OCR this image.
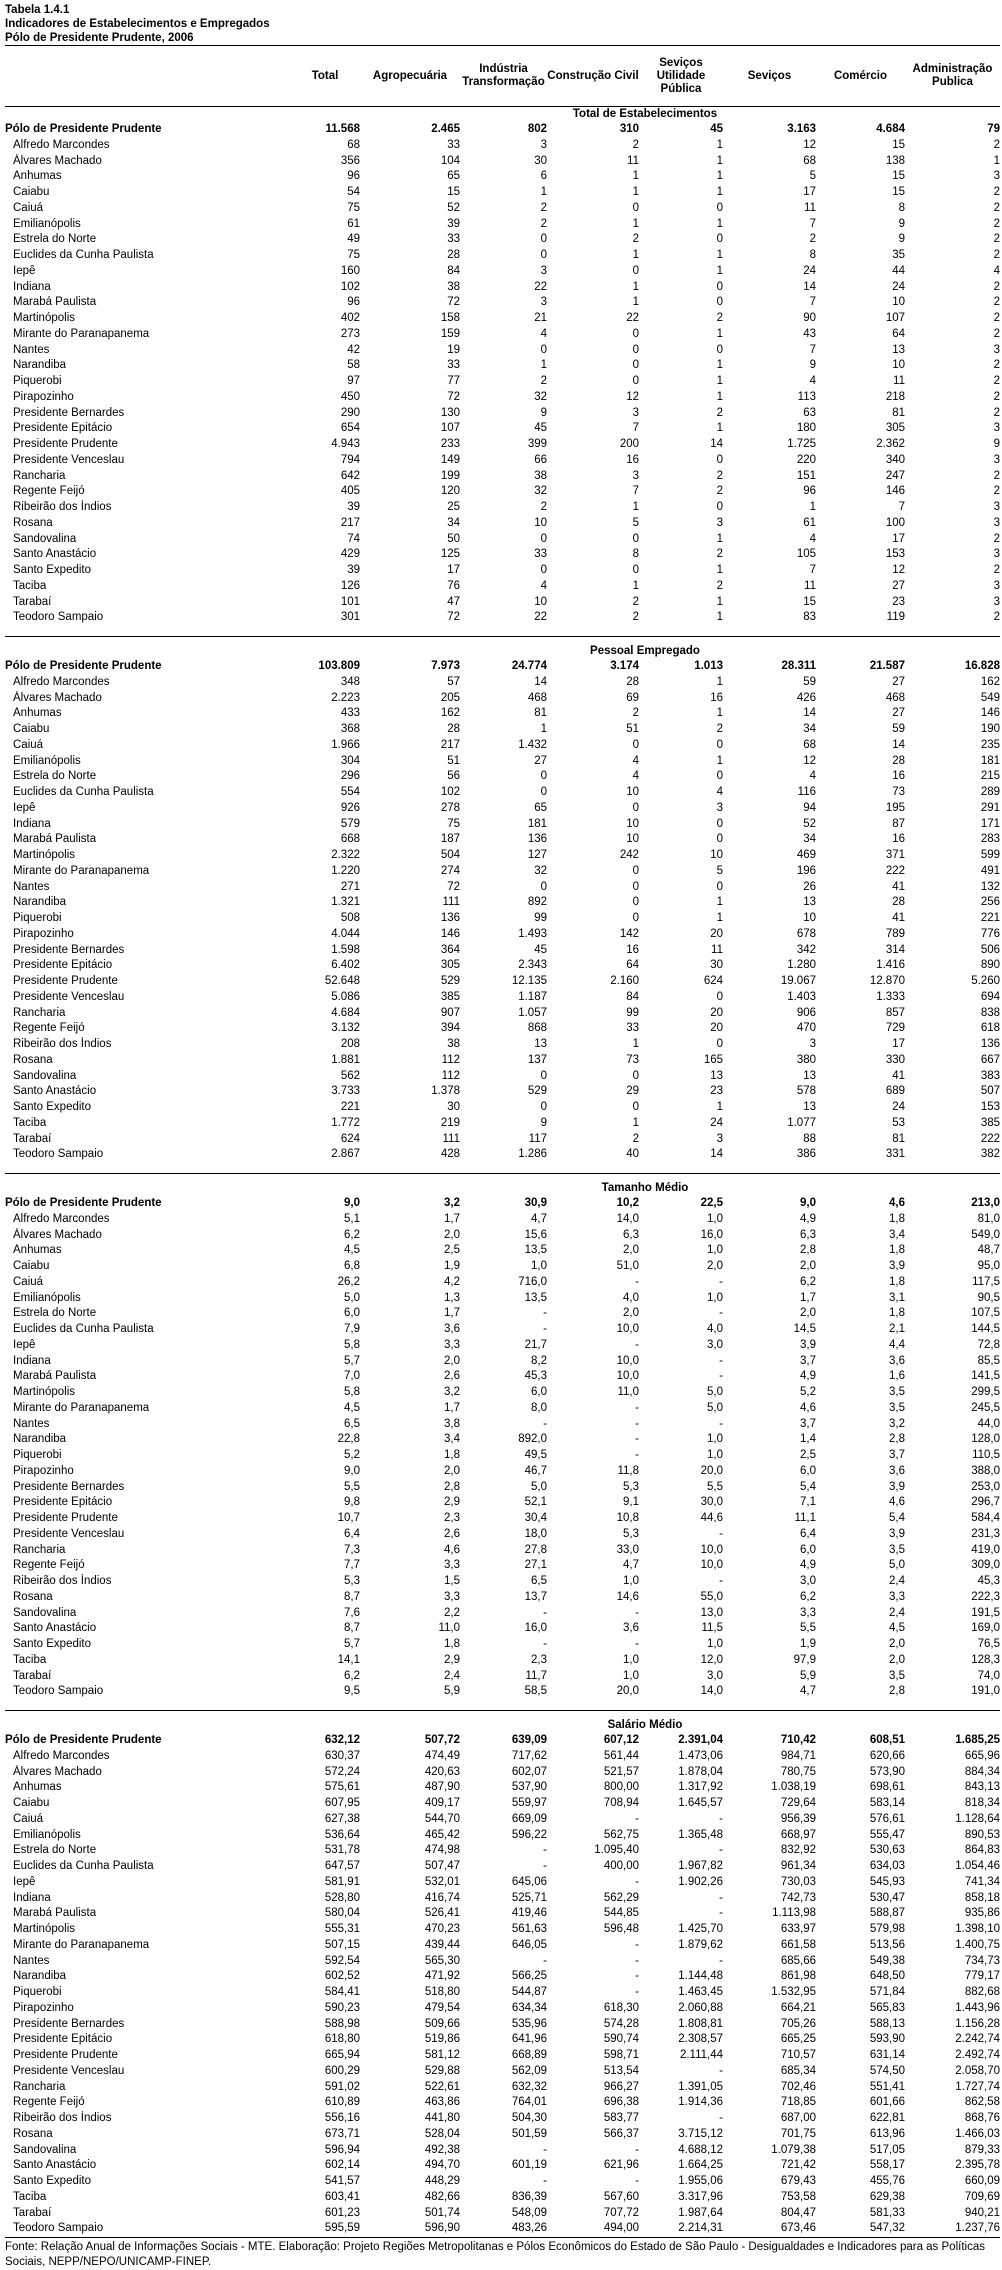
Tabela 1.4.1
Indicadores de Estabelecimentos e Empregados
Pólo de Presidente Prudente, 2006
	Total	Agropecuária	Indústria Transformação	Construção Civil	Seviços Utilidade Pública	Seviços	Comércio	Administração Publica
	Total de Estabelecimentos							
Pólo de Presidente Prudente	11.568	2.465	802	310	45	3.163	4.684	79
Alfredo Marcondes	68	33	3	2	1	12	15	2
Álvares Machado	356	104	30	11	1	68	138	1
Anhumas	96	65	6	1	1	5	15	3
Caiabu	54	15	1	1	1	17	15	2
Caiuá	75	52	2	0	0	11	8	2
Emilianópolis	61	39	2	1	1	7	9	2
Estrela do Norte	49	33	0	2	0	2	9	2
Euclides da Cunha Paulista	75	28	0	1	1	8	35	2
Iepê	160	84	3	0	1	24	44	4
Indiana	102	38	22	1	0	14	24	2
Marabá Paulista	96	72	3	1	0	7	10	2
Martinópolis	402	158	21	22	2	90	107	2
Mirante do Paranapanema	273	159	4	0	1	43	64	2
Nantes	42	19	0	0	0	7	13	3
Narandiba	58	33	1	0	1	9	10	2
Piquerobi	97	77	2	0	1	4	11	2
Pirapozinho	450	72	32	12	1	113	218	2
Presidente Bernardes	290	130	9	3	2	63	81	2
Presidente Epitácio	654	107	45	7	1	180	305	3
Presidente Prudente	4.943	233	399	200	14	1.725	2.362	9
Presidente Venceslau	794	149	66	16	0	220	340	3
Rancharia	642	199	38	3	2	151	247	2
Regente Feijó	405	120	32	7	2	96	146	2
Ribeirão dos Índios	39	25	2	1	0	1	7	3
Rosana	217	34	10	5	3	61	100	3
Sandovalina	74	50	0	0	1	4	17	2
Santo Anastácio	429	125	33	8	2	105	153	3
Santo Expedito	39	17	0	0	1	7	12	2
Taciba	126	76	4	1	2	11	27	3
Tarabaí	101	47	10	2	1	15	23	3
Teodoro Sampaio	301	72	22	2	1	83	119	2

	Pessoal Empregado							
Pólo de Presidente Prudente	103.809	7.973	24.774	3.174	1.013	28.311	21.587	16.828
Alfredo Marcondes	348	57	14	28	1	59	27	162
Álvares Machado	2.223	205	468	69	16	426	468	549
Anhumas	433	162	81	2	1	14	27	146
Caiabu	368	28	1	51	2	34	59	190
Caiuá	1.966	217	1.432	0	0	68	14	235
Emilianópolis	304	51	27	4	1	12	28	181
Estrela do Norte	296	56	0	4	0	4	16	215
Euclides da Cunha Paulista	554	102	0	10	4	116	73	289
Iepê	926	278	65	0	3	94	195	291
Indiana	579	75	181	10	0	52	87	171
Marabá Paulista	668	187	136	10	0	34	16	283
Martinópolis	2.322	504	127	242	10	469	371	599
Mirante do Paranapanema	1.220	274	32	0	5	196	222	491
Nantes	271	72	0	0	0	26	41	132
Narandiba	1.321	111	892	0	1	13	28	256
Piquerobi	508	136	99	0	1	10	41	221
Pirapozinho	4.044	146	1.493	142	20	678	789	776
Presidente Bernardes	1.598	364	45	16	11	342	314	506
Presidente Epitácio	6.402	305	2.343	64	30	1.280	1.416	890
Presidente Prudente	52.648	529	12.135	2.160	624	19.067	12.870	5.260
Presidente Venceslau	5.086	385	1.187	84	0	1.403	1.333	694
Rancharia	4.684	907	1.057	99	20	906	857	838
Regente Feijó	3.132	394	868	33	20	470	729	618
Ribeirão dos Índios	208	38	13	1	0	3	17	136
Rosana	1.881	112	137	73	165	380	330	667
Sandovalina	562	112	0	0	13	13	41	383
Santo Anastácio	3.733	1.378	529	29	23	578	689	507
Santo Expedito	221	30	0	0	1	13	24	153
Taciba	1.772	219	9	1	24	1.077	53	385
Tarabaí	624	111	117	2	3	88	81	222
Teodoro Sampaio	2.867	428	1.286	40	14	386	331	382

	Tamanho Médio							
Pólo de Presidente Prudente	9,0	3,2	30,9	10,2	22,5	9,0	4,6	213,0
Alfredo Marcondes	5,1	1,7	4,7	14,0	1,0	4,9	1,8	81,0
Álvares Machado	6,2	2,0	15,6	6,3	16,0	6,3	3,4	549,0
Anhumas	4,5	2,5	13,5	2,0	1,0	2,8	1,8	48,7
Caiabu	6,8	1,9	1,0	51,0	2,0	2,0	3,9	95,0
Caiuá	26,2	4,2	716,0	-	-	6,2	1,8	117,5
Emilianópolis	5,0	1,3	13,5	4,0	1,0	1,7	3,1	90,5
Estrela do Norte	6,0	1,7	-	2,0	-	2,0	1,8	107,5
Euclides da Cunha Paulista	7,9	3,6	-	10,0	4,0	14,5	2,1	144,5
Iepê	5,8	3,3	21,7	-	3,0	3,9	4,4	72,8
Indiana	5,7	2,0	8,2	10,0	-	3,7	3,6	85,5
Marabá Paulista	7,0	2,6	45,3	10,0	-	4,9	1,6	141,5
Martinópolis	5,8	3,2	6,0	11,0	5,0	5,2	3,5	299,5
Mirante do Paranapanema	4,5	1,7	8,0	-	5,0	4,6	3,5	245,5
Nantes	6,5	3,8	-	-	-	3,7	3,2	44,0
Narandiba	22,8	3,4	892,0	-	1,0	1,4	2,8	128,0
Piquerobi	5,2	1,8	49,5	-	1,0	2,5	3,7	110,5
Pirapozinho	9,0	2,0	46,7	11,8	20,0	6,0	3,6	388,0
Presidente Bernardes	5,5	2,8	5,0	5,3	5,5	5,4	3,9	253,0
Presidente Epitácio	9,8	2,9	52,1	9,1	30,0	7,1	4,6	296,7
Presidente Prudente	10,7	2,3	30,4	10,8	44,6	11,1	5,4	584,4
Presidente Venceslau	6,4	2,6	18,0	5,3	-	6,4	3,9	231,3
Rancharia	7,3	4,6	27,8	33,0	10,0	6,0	3,5	419,0
Regente Feijó	7,7	3,3	27,1	4,7	10,0	4,9	5,0	309,0
Ribeirão dos Índios	5,3	1,5	6,5	1,0	-	3,0	2,4	45,3
Rosana	8,7	3,3	13,7	14,6	55,0	6,2	3,3	222,3
Sandovalina	7,6	2,2	-	-	13,0	3,3	2,4	191,5
Santo Anastácio	8,7	11,0	16,0	3,6	11,5	5,5	4,5	169,0
Santo Expedito	5,7	1,8	-	-	1,0	1,9	2,0	76,5
Taciba	14,1	2,9	2,3	1,0	12,0	97,9	2,0	128,3
Tarabaí	6,2	2,4	11,7	1,0	3,0	5,9	3,5	74,0
Teodoro Sampaio	9,5	5,9	58,5	20,0	14,0	4,7	2,8	191,0

	Salário Médio							
Pólo de Presidente Prudente	632,12	507,72	639,09	607,12	2.391,04	710,42	608,51	1.685,25
Alfredo Marcondes	630,37	474,49	717,62	561,44	1.473,06	984,71	620,66	665,96
Álvares Machado	572,24	420,63	602,07	521,57	1.878,04	780,75	573,90	884,34
Anhumas	575,61	487,90	537,90	800,00	1.317,92	1.038,19	698,61	843,13
Caiabu	607,95	409,17	559,97	708,94	1.645,57	729,64	583,14	818,34
Caiuá	627,38	544,70	669,09	-	-	956,39	576,61	1.128,64
Emilianópolis	536,64	465,42	596,22	562,75	1.365,48	668,97	555,47	890,53
Estrela do Norte	531,78	474,98	-	1.095,40	-	832,92	530,63	864,83
Euclides da Cunha Paulista	647,57	507,47	-	400,00	1.967,82	961,34	634,03	1.054,46
Iepê	581,91	532,01	645,06	-	1.902,26	730,03	545,93	741,34
Indiana	528,80	416,74	525,71	562,29	-	742,73	530,47	858,18
Marabá Paulista	580,04	526,41	419,46	544,85	-	1.113,98	588,87	935,86
Martinópolis	555,31	470,23	561,63	596,48	1.425,70	633,97	579,98	1.398,10
Mirante do Paranapanema	507,15	439,44	646,05	-	1.879,62	661,58	513,56	1.400,75
Nantes	592,54	565,30	-	-	-	685,66	549,38	734,73
Narandiba	602,52	471,92	566,25	-	1.144,48	861,98	648,50	779,17
Piquerobi	584,41	518,80	544,87	-	1.463,45	1.532,95	571,84	882,68
Pirapozinho	590,23	479,54	634,34	618,30	2.060,88	664,21	565,83	1.443,96
Presidente Bernardes	588,98	509,66	535,96	574,28	1.808,81	705,26	588,13	1.156,28
Presidente Epitácio	618,80	519,86	641,96	590,74	2.308,57	665,25	593,90	2.242,74
Presidente Prudente	665,94	581,12	668,89	598,71	2.111,44	710,57	631,14	2.492,74
Presidente Venceslau	600,29	529,88	562,09	513,54	-	685,34	574,50	2.058,70
Rancharia	591,02	522,61	632,32	966,27	1.391,05	702,46	551,41	1.727,74
Regente Feijó	610,89	463,86	764,01	696,38	1.914,36	718,85	601,66	862,58
Ribeirão dos Índios	556,16	441,80	504,30	583,77	-	687,00	622,81	868,76
Rosana	673,71	528,04	501,59	566,37	3.715,12	701,75	613,96	1.466,03
Sandovalina	596,94	492,38	-	-	4.688,12	1.079,38	517,05	879,33
Santo Anastácio	602,14	494,70	601,19	621,96	1.664,25	721,42	558,17	2.395,78
Santo Expedito	541,57	448,29	-	-	1.955,06	679,43	455,76	660,09
Taciba	603,41	482,66	836,39	567,60	3.317,96	753,58	629,38	709,69
Tarabaí	601,23	501,74	548,09	707,72	1.987,64	804,47	581,33	940,21
Teodoro Sampaio	595,59	596,90	483,26	494,00	2.214,31	673,46	547,32	1.237,76
Fonte: Relação Anual de Informações Sociais - MTE. Elaboração: Projeto Regiões Metropolitanas e Pólos Econômicos do Estado de São Paulo - Desigualdades e Indicadores para as Políticas Sociais, NEPP/NEPO/UNICAMP-FINEP.
